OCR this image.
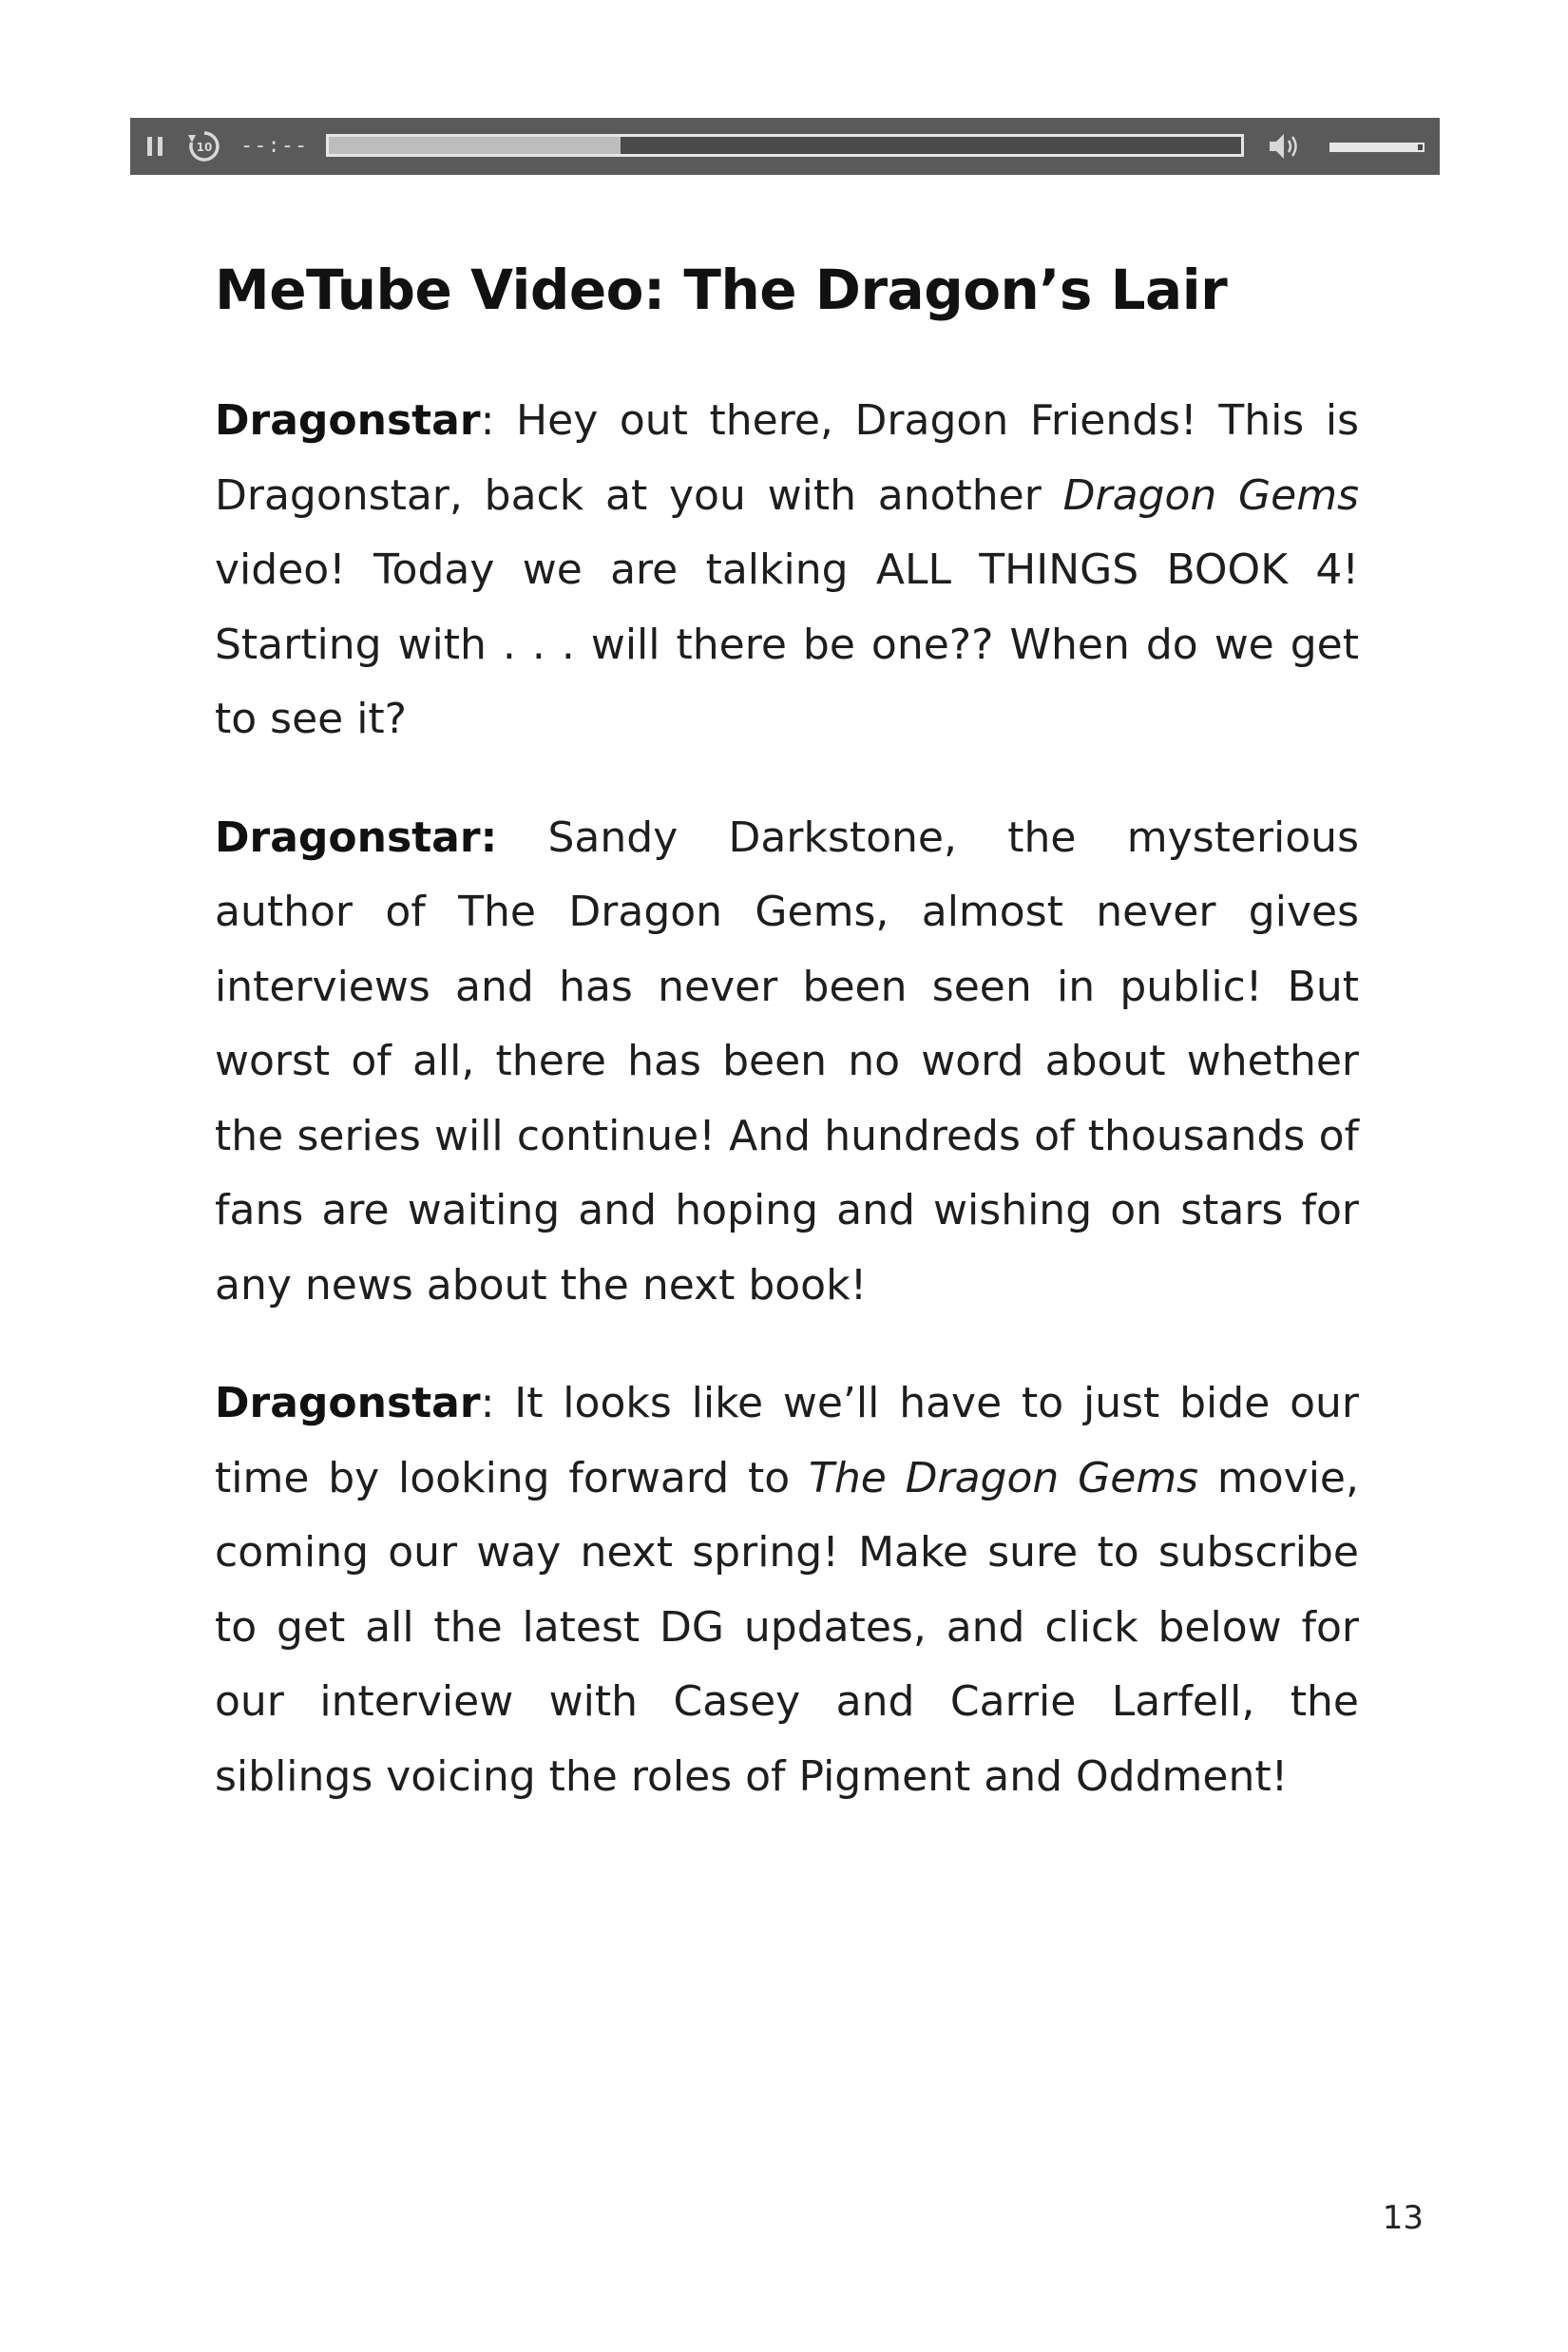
10 --:--
MeTube Video: The Dragon’s Lair

Dragonstar: Hey out there, Dragon Friends! This is Dragonstar, back at you with another Dragon Gems video! Today we are talking ALL THINGS BOOK 4! Starting with . . . will there be one?? When do we get to see it?

Dragonstar: Sandy Darkstone, the mysterious author of The Dragon Gems, almost never gives interviews and has never been seen in public! But worst of all, there has been no word about whether the series will continue! And hundreds of thousands of fans are waiting and hoping and wishing on stars for any news about the next book!

Dragonstar: It looks like we’ll have to just bide our time by looking forward to The Dragon Gems movie, coming our way next spring! Make sure to subscribe to get all the latest DG updates, and click below for our interview with Casey and Carrie Larfell, the siblings voicing the roles of Pigment and Oddment!

13
